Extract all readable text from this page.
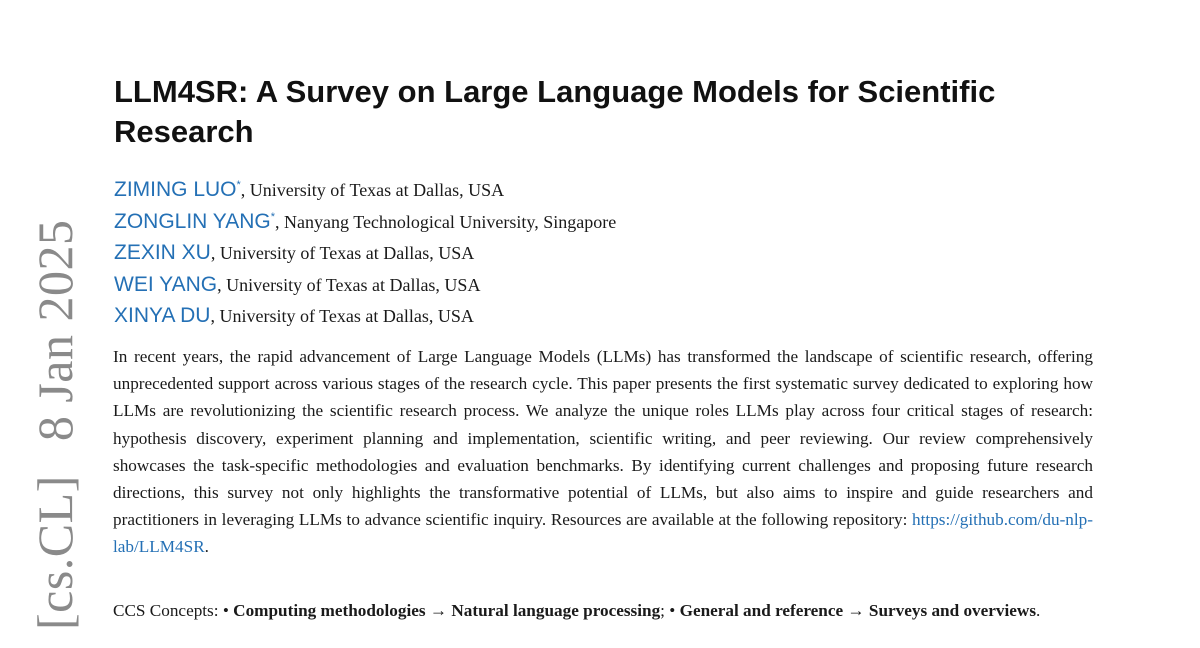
[cs.CL]8 Jan 2025
LLM4SR: A Survey on Large Language Models for Scientific Research
ZIMING LUO*, University of Texas at Dallas, USA
ZONGLIN YANG*, Nanyang Technological University, Singapore
ZEXIN XU, University of Texas at Dallas, USA
WEI YANG, University of Texas at Dallas, USA
XINYA DU, University of Texas at Dallas, USA

In recent years, the rapid advancement of Large Language Models (LLMs) has transformed the landscape of scientific research, offering unprecedented support across various stages of the research cycle. This paper presents the first systematic survey dedicated to exploring how LLMs are revolutionizing the scientific research process. We analyze the unique roles LLMs play across four critical stages of research: hypothesis discovery, experiment planning and implementation, scientific writing, and peer reviewing. Our review comprehensively showcases the task-specific methodologies and evaluation benchmarks. By identifying current challenges and proposing future research directions, this survey not only highlights the transformative potential of LLMs, but also aims to inspire and guide researchers and practitioners in leveraging LLMs to advance scientific inquiry. Resources are available at the following repository: https://github.com/du-nlp-lab/LLM4SR.

CCS Concepts: • Computing methodologies → Natural language processing; • General and reference → Surveys and overviews.
